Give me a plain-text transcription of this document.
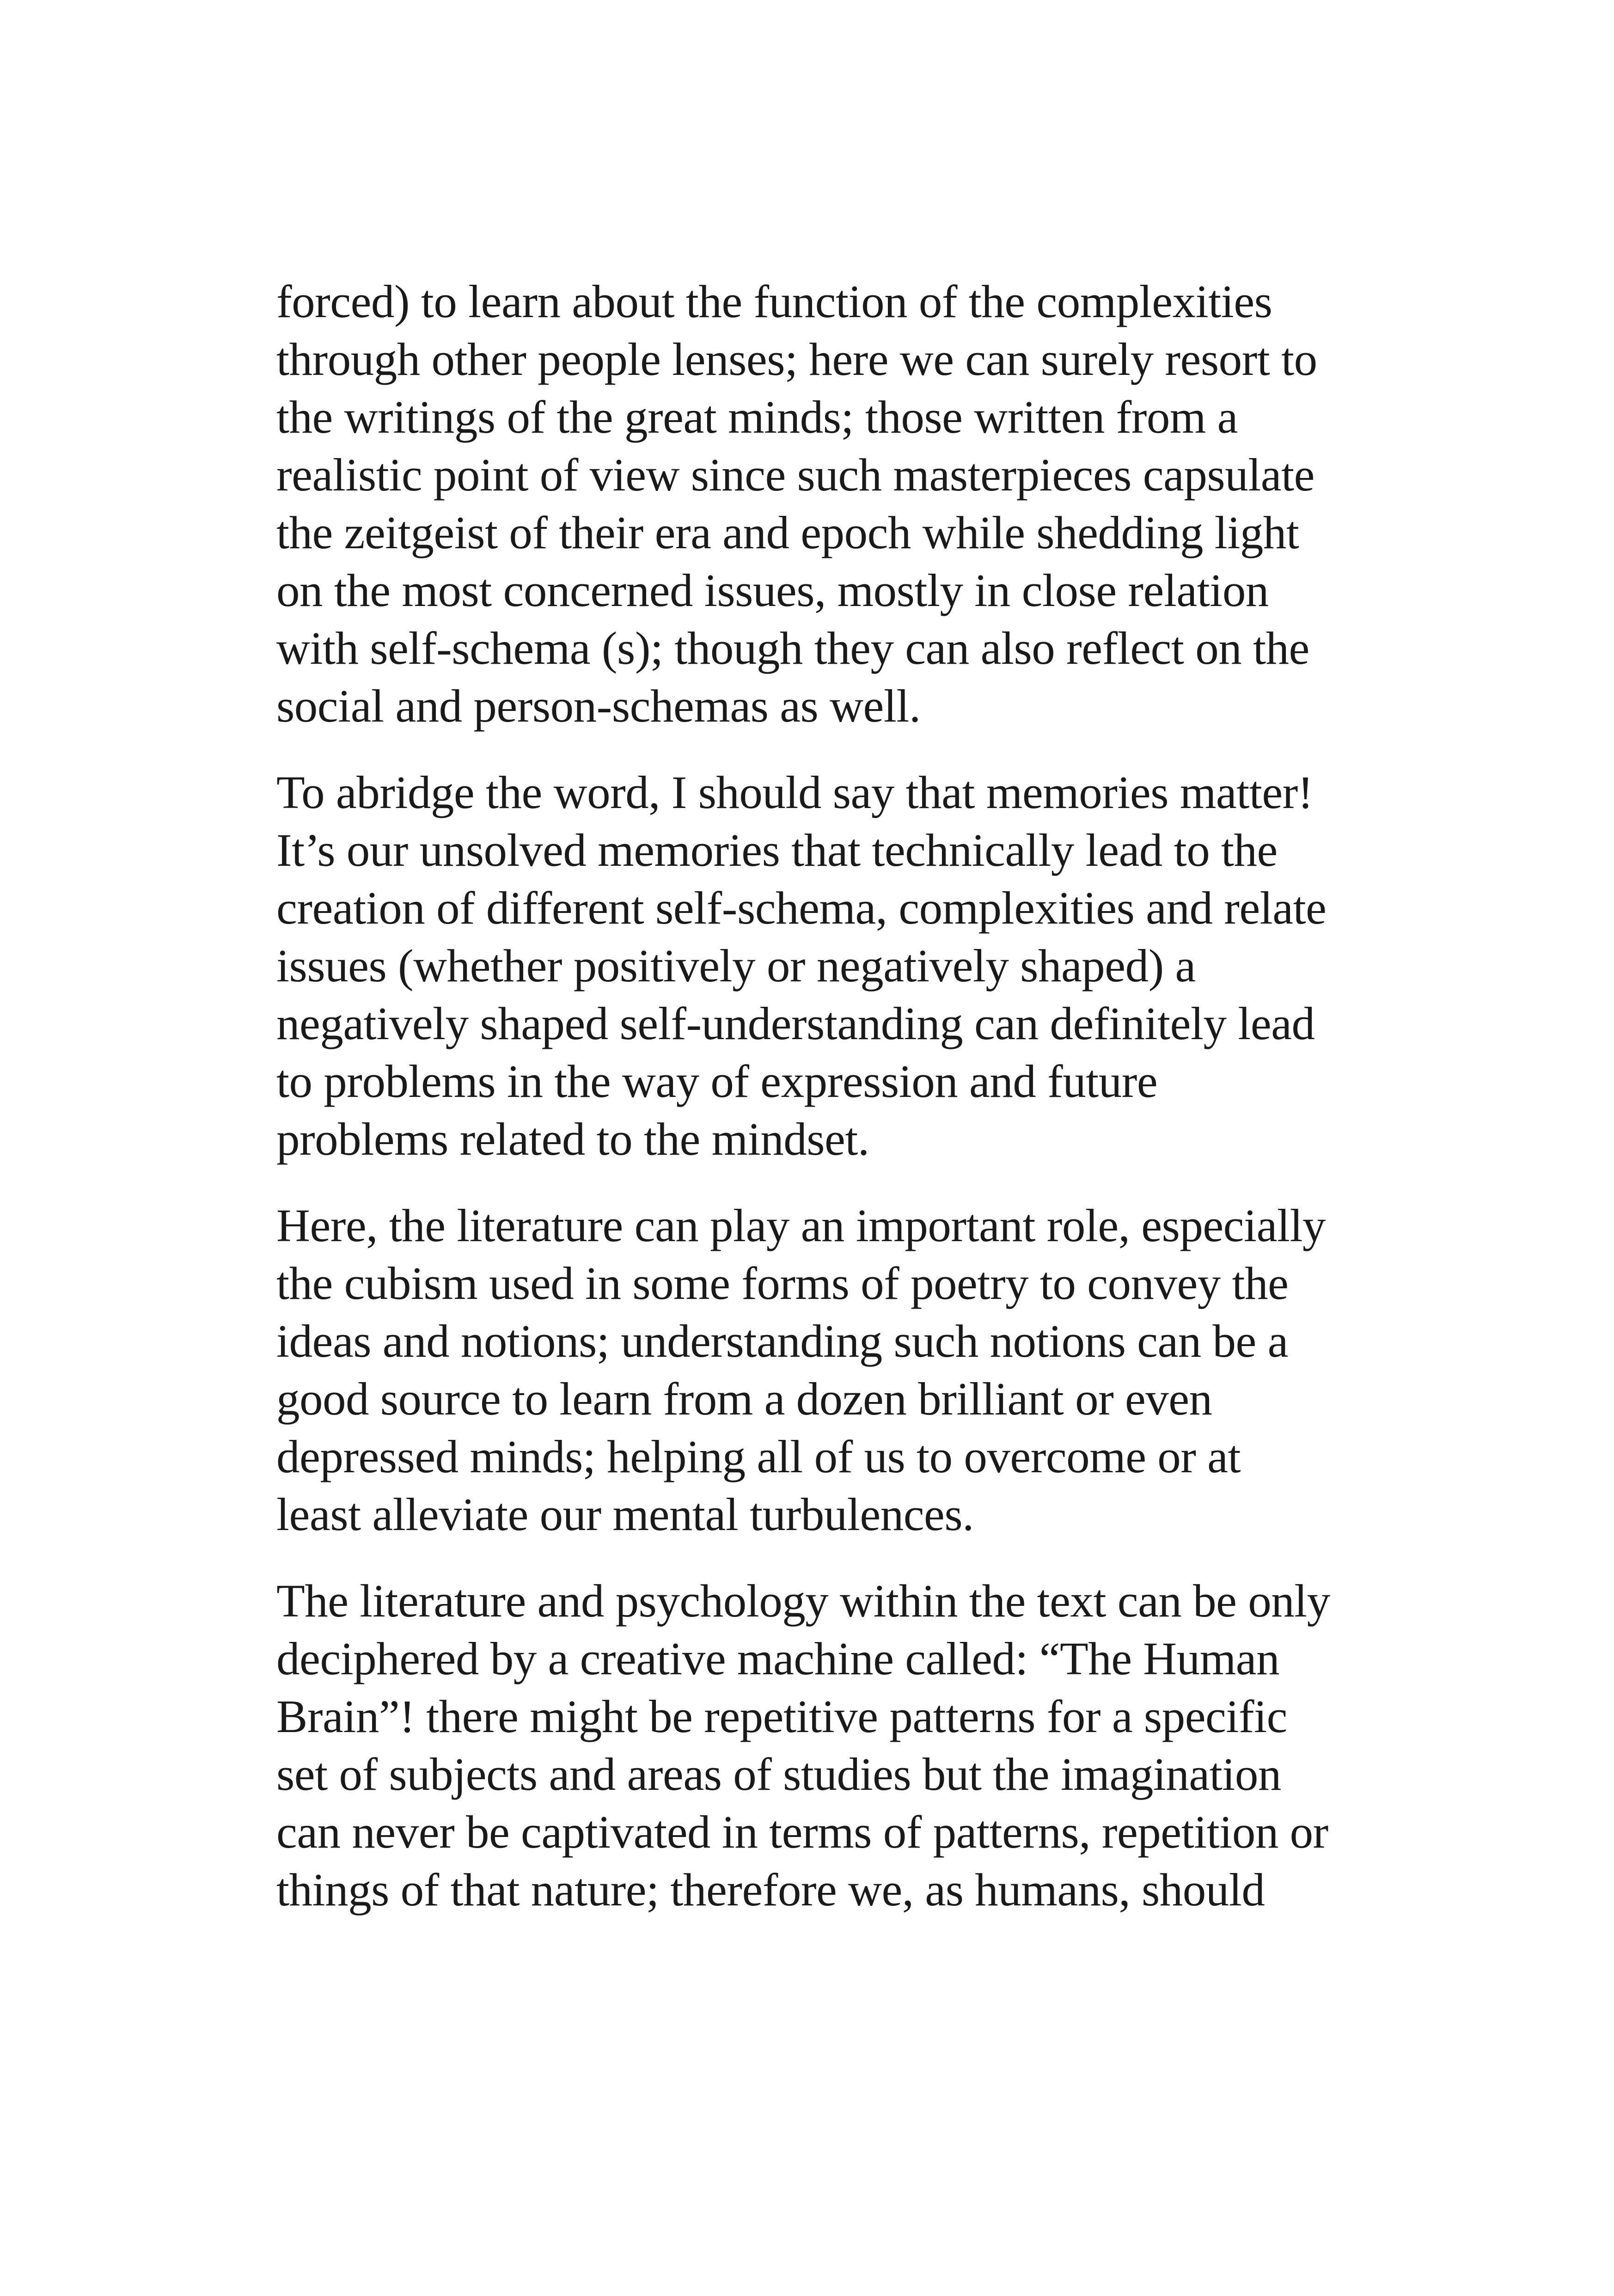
forced) to learn about the function of the complexities
through other people lenses; here we can surely resort to
the writings of the great minds; those written from a
realistic point of view since such masterpieces capsulate
the zeitgeist of their era and epoch while shedding light
on the most concerned issues, mostly in close relation
with self-schema (s); though they can also reflect on the
social and person-schemas as well.

To abridge the word, I should say that memories matter!
It’s our unsolved memories that technically lead to the
creation of different self-schema, complexities and relate
issues (whether positively or negatively shaped) a
negatively shaped self-understanding can definitely lead
to problems in the way of expression and future
problems related to the mindset.

Here, the literature can play an important role, especially
the cubism used in some forms of poetry to convey the
ideas and notions; understanding such notions can be a
good source to learn from a dozen brilliant or even
depressed minds; helping all of us to overcome or at
least alleviate our mental turbulences.

The literature and psychology within the text can be only
deciphered by a creative machine called: “The Human
Brain”! there might be repetitive patterns for a specific
set of subjects and areas of studies but the imagination
can never be captivated in terms of patterns, repetition or
things of that nature; therefore we, as humans, should
